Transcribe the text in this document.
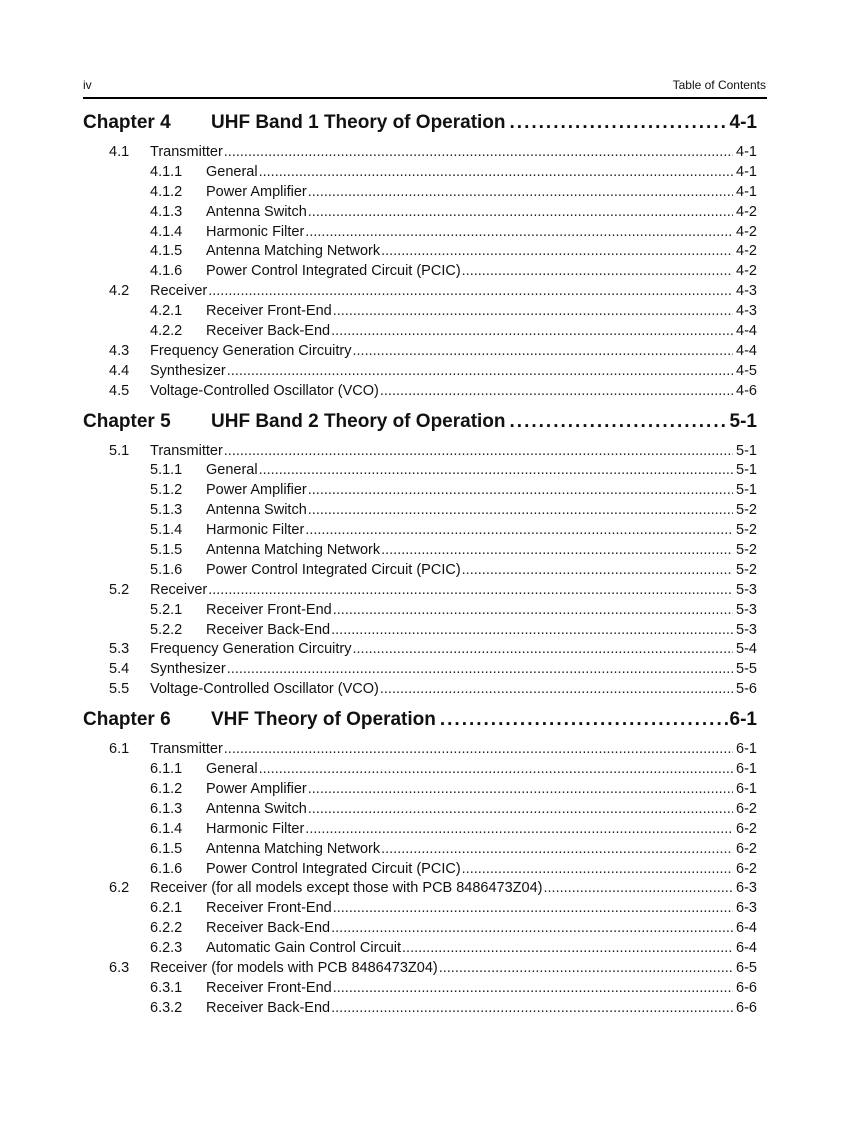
iv	Table of Contents
Chapter 4	UHF Band 1 Theory of Operation .....	4-1
4.1	Transmitter .....	4-1
4.1.1	General .....	4-1
4.1.2	Power Amplifier .....	4-1
4.1.3	Antenna Switch .....	4-2
4.1.4	Harmonic Filter .....	4-2
4.1.5	Antenna Matching Network .....	4-2
4.1.6	Power Control Integrated Circuit (PCIC) .....	4-2
4.2	Receiver .....	4-3
4.2.1	Receiver Front-End .....	4-3
4.2.2	Receiver Back-End .....	4-4
4.3	Frequency Generation Circuitry .....	4-4
4.4	Synthesizer .....	4-5
4.5	Voltage-Controlled Oscillator (VCO) .....	4-6
Chapter 5	UHF Band 2 Theory of Operation .....	5-1
5.1	Transmitter .....	5-1
5.1.1	General .....	5-1
5.1.2	Power Amplifier .....	5-1
5.1.3	Antenna Switch .....	5-2
5.1.4	Harmonic Filter .....	5-2
5.1.5	Antenna Matching Network .....	5-2
5.1.6	Power Control Integrated Circuit (PCIC) .....	5-2
5.2	Receiver .....	5-3
5.2.1	Receiver Front-End .....	5-3
5.2.2	Receiver Back-End .....	5-3
5.3	Frequency Generation Circuitry .....	5-4
5.4	Synthesizer .....	5-5
5.5	Voltage-Controlled Oscillator (VCO) .....	5-6
Chapter 6	VHF Theory of Operation .....	6-1
6.1	Transmitter .....	6-1
6.1.1	General .....	6-1
6.1.2	Power Amplifier .....	6-1
6.1.3	Antenna Switch .....	6-2
6.1.4	Harmonic Filter .....	6-2
6.1.5	Antenna Matching Network .....	6-2
6.1.6	Power Control Integrated Circuit (PCIC) .....	6-2
6.2	Receiver (for all models except those with PCB 8486473Z04) .....	6-3
6.2.1	Receiver Front-End .....	6-3
6.2.2	Receiver Back-End .....	6-4
6.2.3	Automatic Gain Control Circuit .....	6-4
6.3	Receiver (for models with PCB 8486473Z04) .....	6-5
6.3.1	Receiver Front-End .....	6-6
6.3.2	Receiver Back-End .....	6-6
